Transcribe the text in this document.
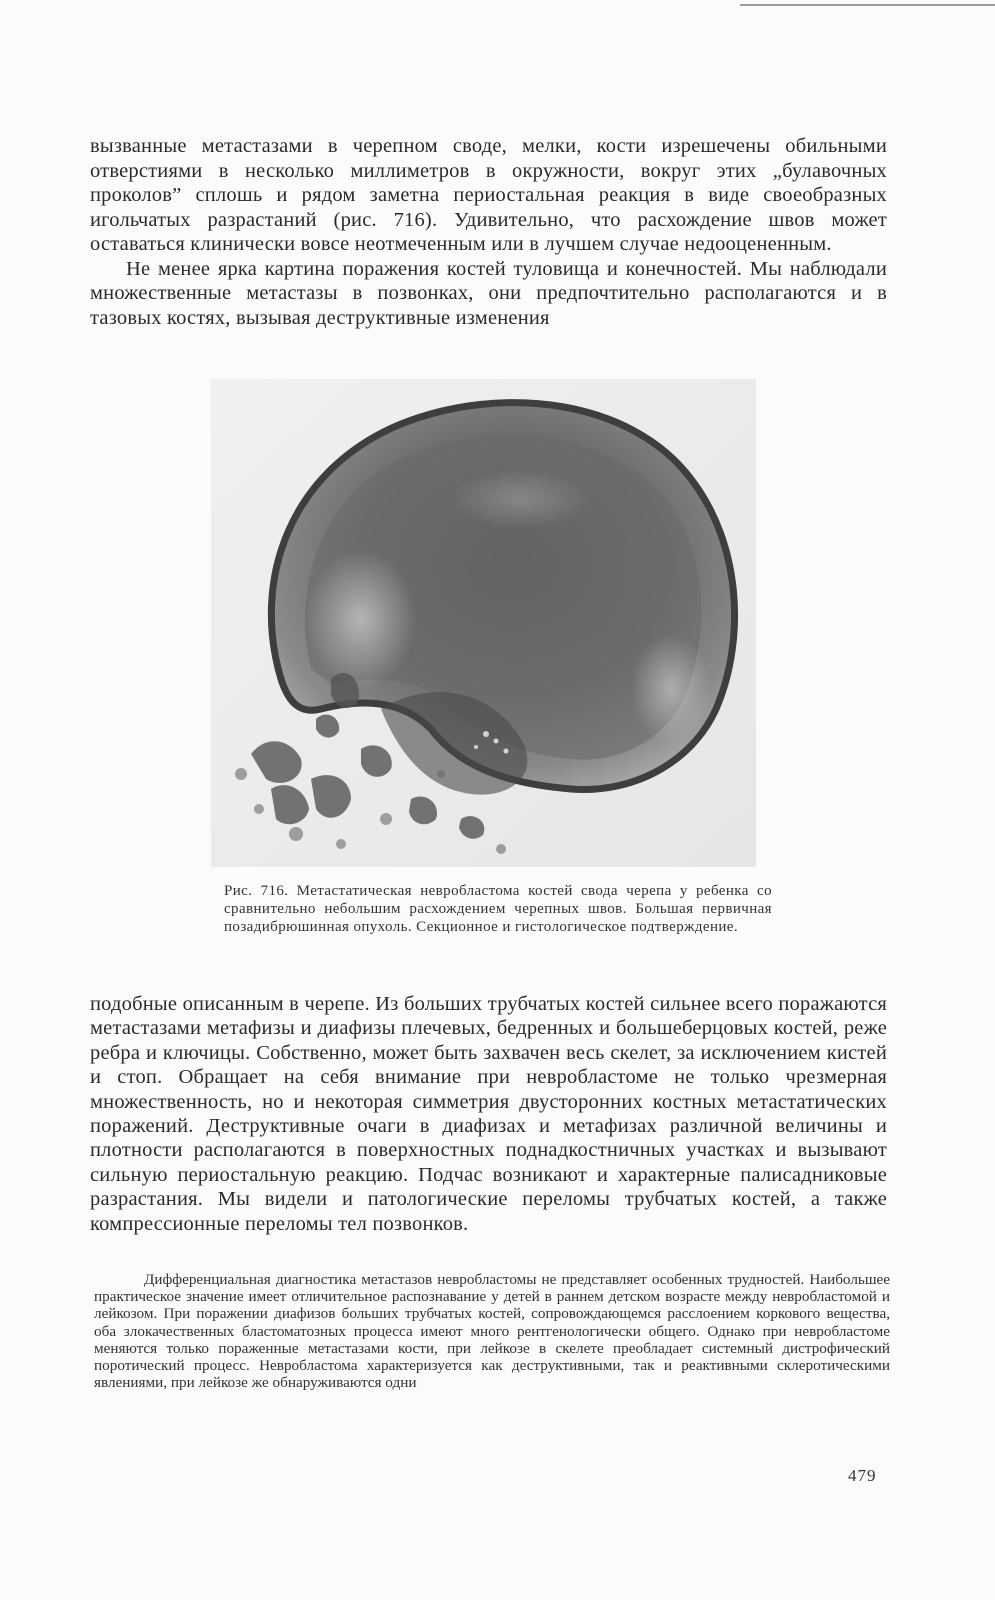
вызванные метастазами в черепном своде, мелки, кости изрешечены обильными отверстиями в несколько миллиметров в окружности, вокруг этих „булавочных проколов” сплошь и рядом заметна периостальная реакция в виде своеобразных игольчатых разрастаний (рис. 716). Удивительно, что расхождение швов может оставаться клинически вовсе неотмеченным или в лучшем случае недооцененным.

Не менее ярка картина поражения костей туловища и конечностей. Мы наблюдали множественные метастазы в позвонках, они предпочтительно располагаются и в тазовых костях, вызывая деструктивные изменения

Рис. 716. Метастатическая невробластома костей свода черепа у ребенка со сравнительно небольшим расхождением черепных швов. Большая первичная позадибрюшинная опухоль. Секционное и гистологическое подтверждение.

подобные описанным в черепе. Из больших трубчатых костей сильнее всего поражаются метастазами метафизы и диафизы плечевых, бедренных и большеберцовых костей, реже ребра и ключицы. Собственно, может быть захвачен весь скелет, за исключением кистей и стоп. Обращает на себя внимание при невробластоме не только чрезмерная множественность, но и некоторая симметрия двусторонних костных метастатических поражений. Деструктивные очаги в диафизах и метафизах различной величины и плотности располагаются в поверхностных поднадкостничных участках и вызывают сильную периостальную реакцию. Подчас возникают и характерные палисадниковые разрастания. Мы видели и патологические переломы трубчатых костей, а также компрессионные переломы тел позвонков.

Дифференциальная диагностика метастазов невробластомы не представляет особенных трудностей. Наибольшее практическое значение имеет отличительное распознавание у детей в раннем детском возрасте между невробластомой и лейкозом. При поражении диафизов больших трубчатых костей, сопровождающемся расслоением коркового вещества, оба злокачественных бластоматозных процесса имеют много рентгенологически общего. Однако при невробластоме меняются только пораженные метастазами кости, при лейкозе в скелете преобладает системный дистрофический поротический процесс. Невробластома характеризуется как деструктивными, так и реактивными склеротическими явлениями, при лейкозе же обнаруживаются одни

479
